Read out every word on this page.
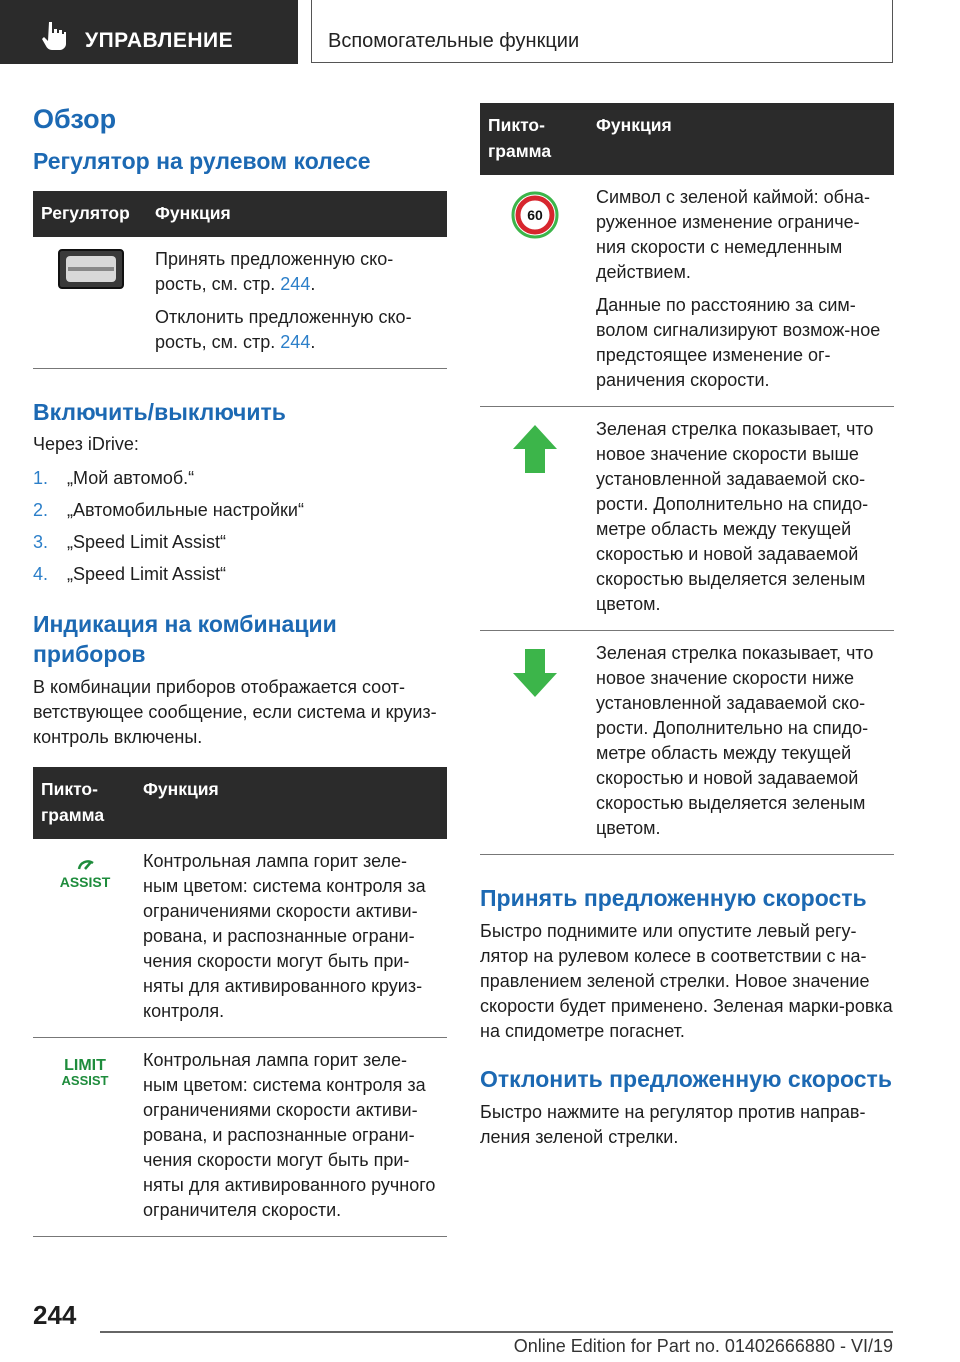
УПРАВЛЕНИЕ	Вспомогательные функции
Обзор
Регулятор на рулевом колесе
Регулятор	Функция

Принять предложенную ско-рость, см. стр. 244.

Отклонить предложенную ско-рость, см. стр. 244.

Включить/выключить

Через iDrive:

1. „Мой автомоб.“
2. „Автомобильные настройки“
3. „Speed Limit Assist“
4. „Speed Limit Assist“
Индикация на комбинации приборов

В комбинации приборов отображается соот-ветствующее сообщение, если система и круиз-контроль включены.

Пикто-грамма	Функция

ASSIST	Контрольная лампа горит зеле-ным цветом: система контроля за ограничениями скорости активи-рована, и распознанные ограни-чения скорости могут быть при-няты для активированного круиз-контроля.

LIMIT
ASSIST	Контрольная лампа горит зеле-ным цветом: система контроля за ограничениями скорости активи-рована, и распознанные ограни-чения скорости могут быть при-няты для активированного ручного ограничителя скорости.
Пикто-грамма	Функция

60	Символ с зеленой каймой: обна-руженное изменение ограниче-ния скорости с немедленным действием.

Данные по расстоянию за сим-волом сигнализируют возмож-ное предстоящее изменение ог-раничения скорости.

	Зеленая стрелка показывает, что новое значение скорости выше установленной задаваемой ско-рости. Дополнительно на спидо-метре область между текущей скоростью и новой задаваемой скоростью выделяется зеленым цветом.
	Зеленая стрелка показывает, что новое значение скорости ниже установленной задаваемой ско-рости. Дополнительно на спидо-метре область между текущей скоростью и новой задаваемой скоростью выделяется зеленым цветом.
Принять предложенную скорость

Быстро поднимите или опустите левый регу-лятор на рулевом колесе в соответствии с на-правлением зеленой стрелки. Новое значение скорости будет применено. Зеленая марки-ровка на спидометре погаснет.

Отклонить предложенную скорость

Быстро нажмите на регулятор против направ-ления зеленой стрелки.

244
Online Edition for Part no. 01402666880 - VI/19
